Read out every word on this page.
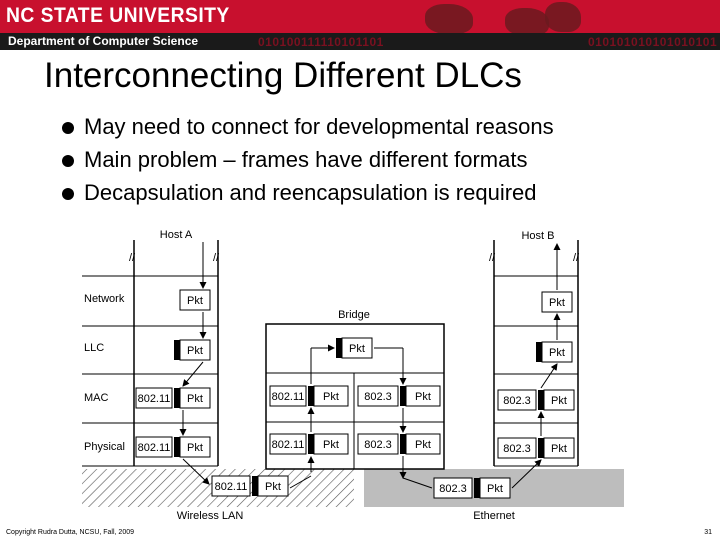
NC STATE UNIVERSITY
Department of Computer Science	010100111110101101	010101010101010101
Interconnecting Different DLCs
May need to connect for developmental reasons
Main problem – frames have different formats
Decapsulation and reencapsulation is required
Host A	Host B
//	//
Network
LLC
MAC
Physical
Pkt
Pkt
802.11 Pkt
802.11 Pkt
Bridge
Pkt
802.11 Pkt 802.3 Pkt
802.11 Pkt 802.3 Pkt
//	//
Pkt
Pkt
802.3 Pkt
802.3 Pkt
802.11 Pkt	802.3 Pkt
Wireless LAN	Ethernet
Copyright Rudra Dutta, NCSU, Fall, 2009	31
